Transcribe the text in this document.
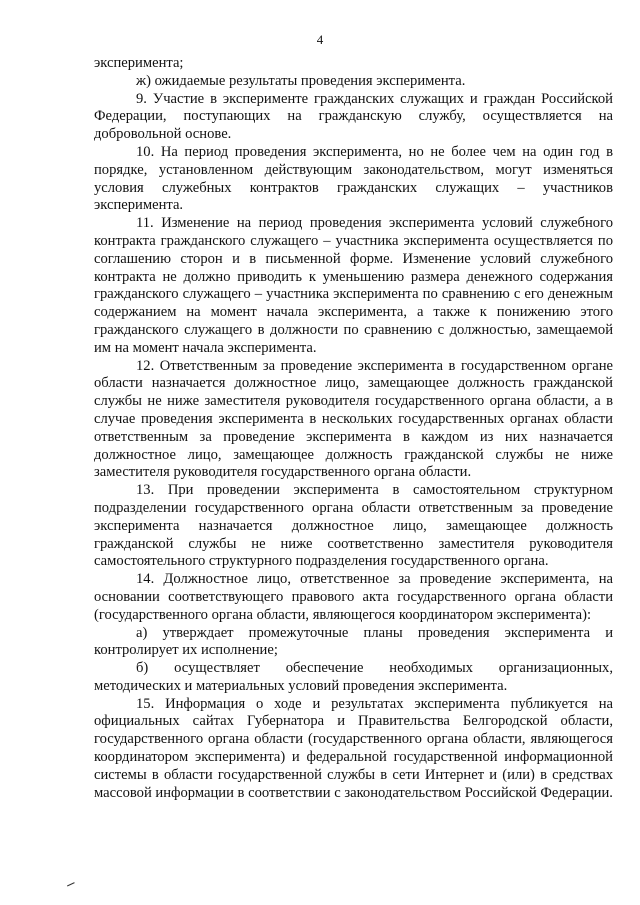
4

эксперимента;

ж) ожидаемые результаты проведения эксперимента.

9. Участие в эксперименте гражданских служащих и граждан Российской Федерации, поступающих на гражданскую службу, осуществляется на добровольной основе.

10. На период проведения эксперимента, но не более чем на один год в порядке, установленном действующим законодательством, могут изменяться условия служебных контрактов гражданских служащих – участников эксперимента.

11. Изменение на период проведения эксперимента условий служебного контракта гражданского служащего – участника эксперимента осуществляется по соглашению сторон и в письменной форме. Изменение условий служебного контракта не должно приводить к уменьшению размера денежного содержания гражданского служащего – участника эксперимента по сравнению с его денежным содержанием на момент начала эксперимента, а также к понижению этого гражданского служащего в должности по сравнению с должностью, замещаемой им на момент начала эксперимента.

12. Ответственным за проведение эксперимента в государственном органе области назначается должностное лицо, замещающее должность гражданской службы не ниже заместителя руководителя государственного органа области, а в случае проведения эксперимента в нескольких государственных органах области ответственным за проведение эксперимента в каждом из них назначается должностное лицо, замещающее должность гражданской службы не ниже заместителя руководителя государственного органа области.

13. При проведении эксперимента в самостоятельном структурном подразделении государственного органа области ответственным за проведение эксперимента назначается должностное лицо, замещающее должность гражданской службы не ниже соответственно заместителя руководителя самостоятельного структурного подразделения государственного органа.

14. Должностное лицо, ответственное за проведение эксперимента, на основании соответствующего правового акта государственного органа области (государственного органа области, являющегося координатором эксперимента):

а) утверждает промежуточные планы проведения эксперимента и контролирует их исполнение;

б) осуществляет обеспечение необходимых организационных, методических и материальных условий проведения эксперимента.

15. Информация о ходе и результатах эксперимента публикуется на официальных сайтах Губернатора и Правительства Белгородской области, государственного органа области (государственного органа области, являющегося координатором эксперимента) и федеральной государственной информационной системы в области государственной службы в сети Интернет и (или) в средствах массовой информации в соответствии с законодательством Российской Федерации.
